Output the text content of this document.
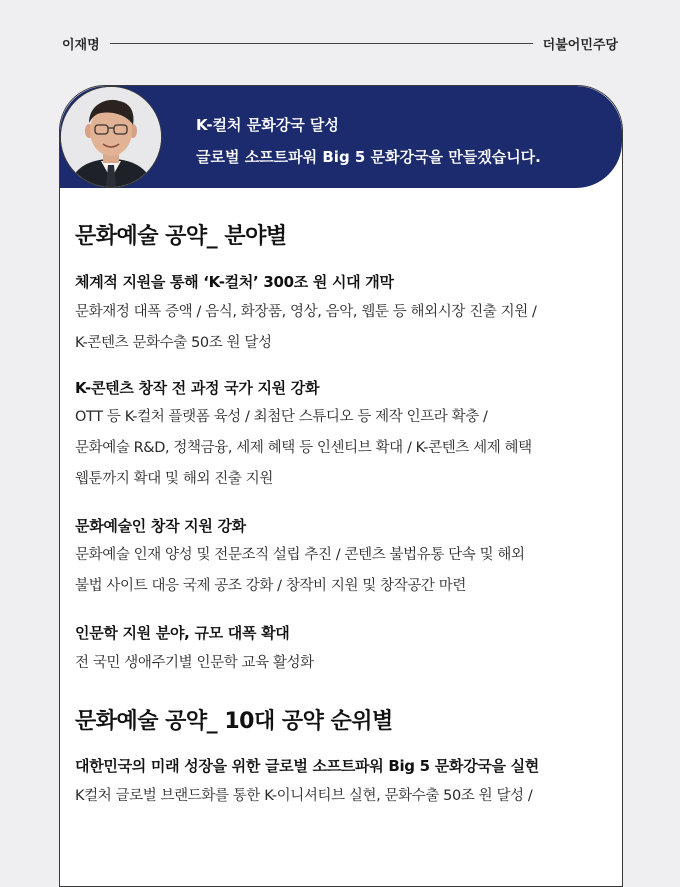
이재명	더불어민주당
K-컬처 문화강국 달성
글로벌 소프트파워 Big 5 문화강국을 만들겠습니다.
문화예술 공약_ 분야별
체계적 지원을 통해 ‘K-컬처’ 300조 원 시대 개막
문화재정 대폭 증액 / 음식, 화장품, 영상, 음악, 웹툰 등 해외시장 진출 지원 /
K-콘텐츠 문화수출 50조 원 달성
K-콘텐츠 창작 전 과정 국가 지원 강화
OTT 등 K-컬처 플랫폼 육성 / 최첨단 스튜디오 등 제작 인프라 확충 /
문화예술 R&D, 정책금융, 세제 혜택 등 인센티브 확대 / K-콘텐츠 세제 혜택
웹툰까지 확대 및 해외 진출 지원
문화예술인 창작 지원 강화
문화예술 인재 양성 및 전문조직 설립 추진 / 콘텐츠 불법유통 단속 및 해외
불법 사이트 대응 국제 공조 강화 / 창작비 지원 및 창작공간 마련
인문학 지원 분야, 규모 대폭 확대
전 국민 생애주기별 인문학 교육 활성화
문화예술 공약_ 10대 공약 순위별
대한민국의 미래 성장을 위한 글로벌 소프트파워 Big 5 문화강국을 실현
K컬처 글로벌 브랜드화를 통한 K-이니셔티브 실현, 문화수출 50조 원 달성 /
